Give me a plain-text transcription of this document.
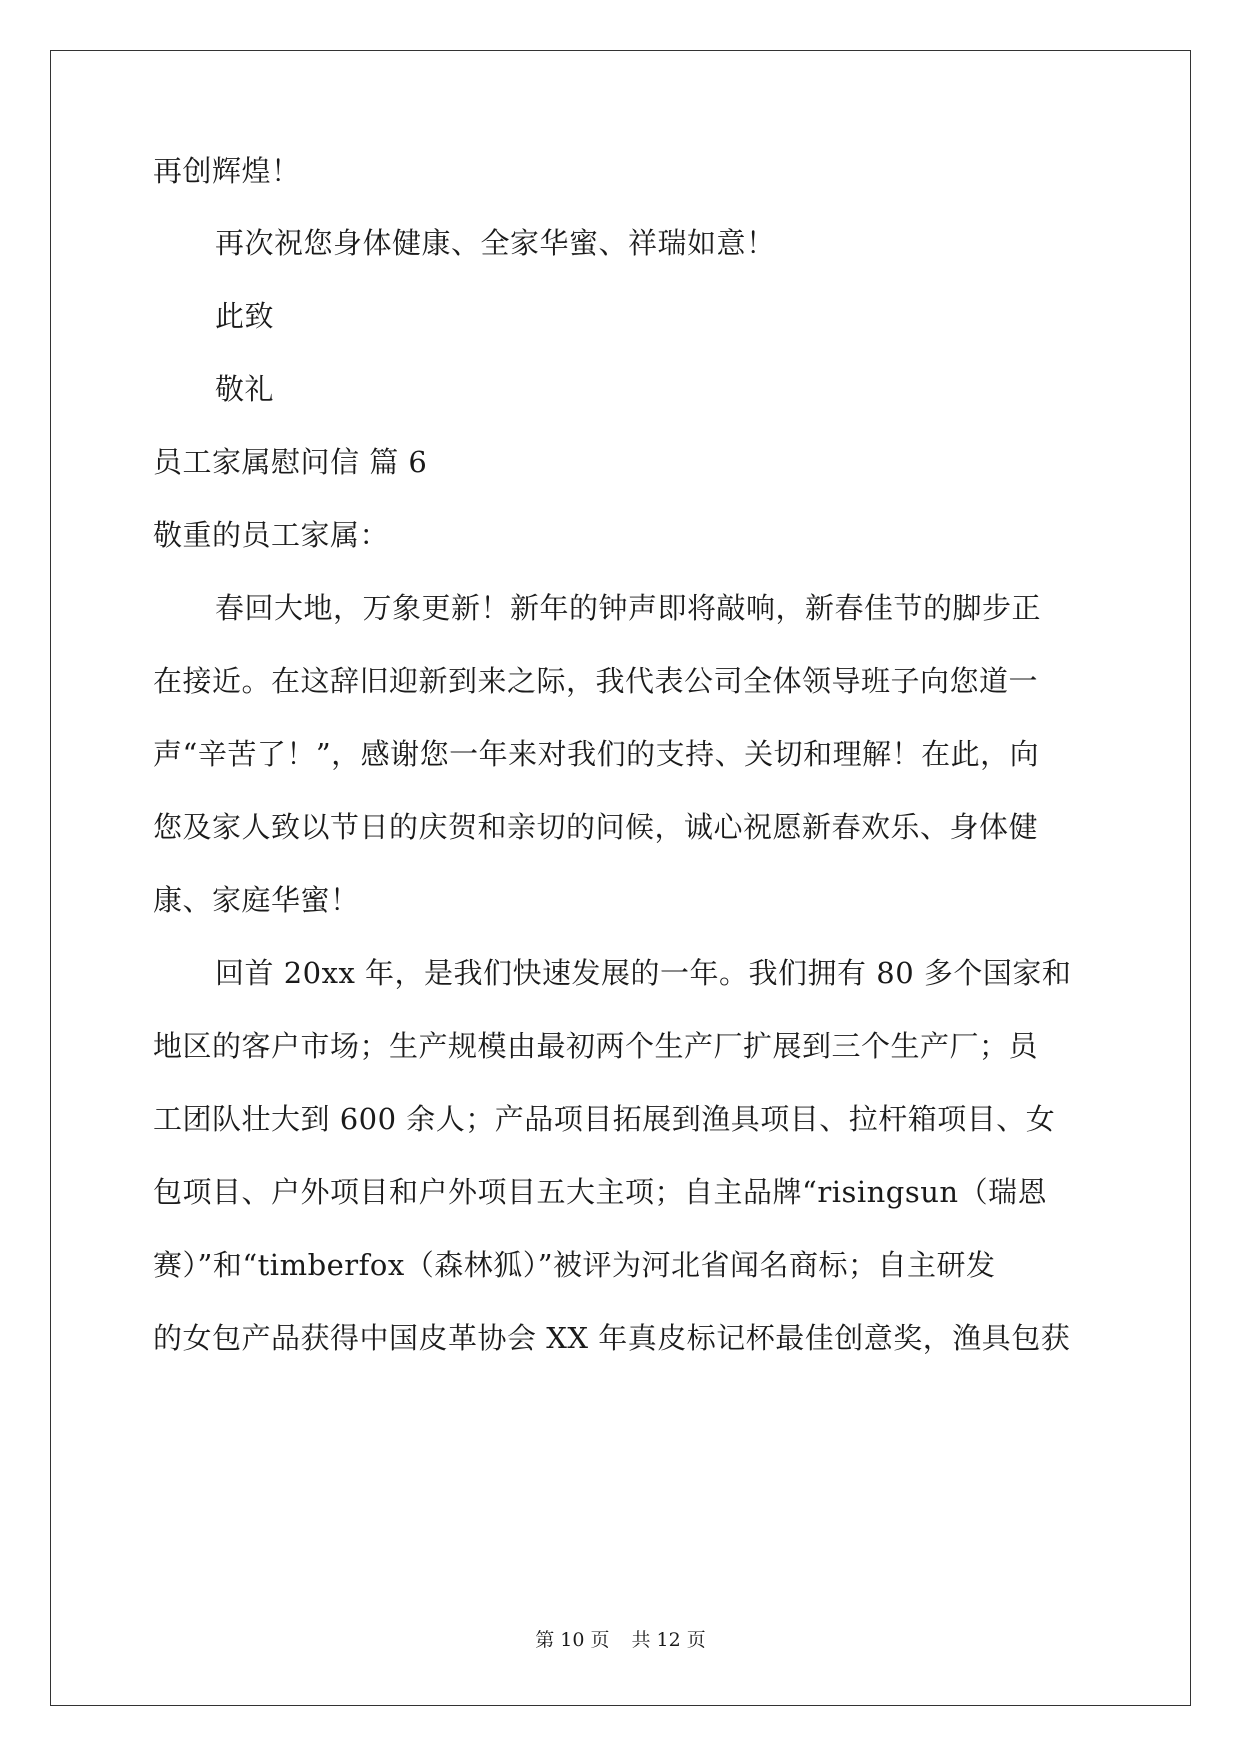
再创辉煌！
再次祝您身体健康、全家华蜜、祥瑞如意！
此致
敬礼
员工家属慰问信 篇 6
敬重的员工家属：
春回大地，万象更新！新年的钟声即将敲响，新春佳节的脚步正
在接近。在这辞旧迎新到来之际，我代表公司全体领导班子向您道一
声“辛苦了！”，感谢您一年来对我们的支持、关切和理解！在此，向
您及家人致以节日的庆贺和亲切的问候，诚心祝愿新春欢乐、身体健
康、家庭华蜜！
回首 20xx 年，是我们快速发展的一年。我们拥有 80 多个国家和
地区的客户市场；生产规模由最初两个生产厂扩展到三个生产厂；员
工团队壮大到 600 余人；产品项目拓展到渔具项目、拉杆箱项目、女
包项目、户外项目和户外项目五大主项；自主品牌“risingsun（瑞恩
赛）”和“timberfox（森林狐）”被评为河北省闻名商标；自主研发
的女包产品获得中国皮革协会 XX 年真皮标记杯最佳创意奖，渔具包获
第 10 页 共 12 页
